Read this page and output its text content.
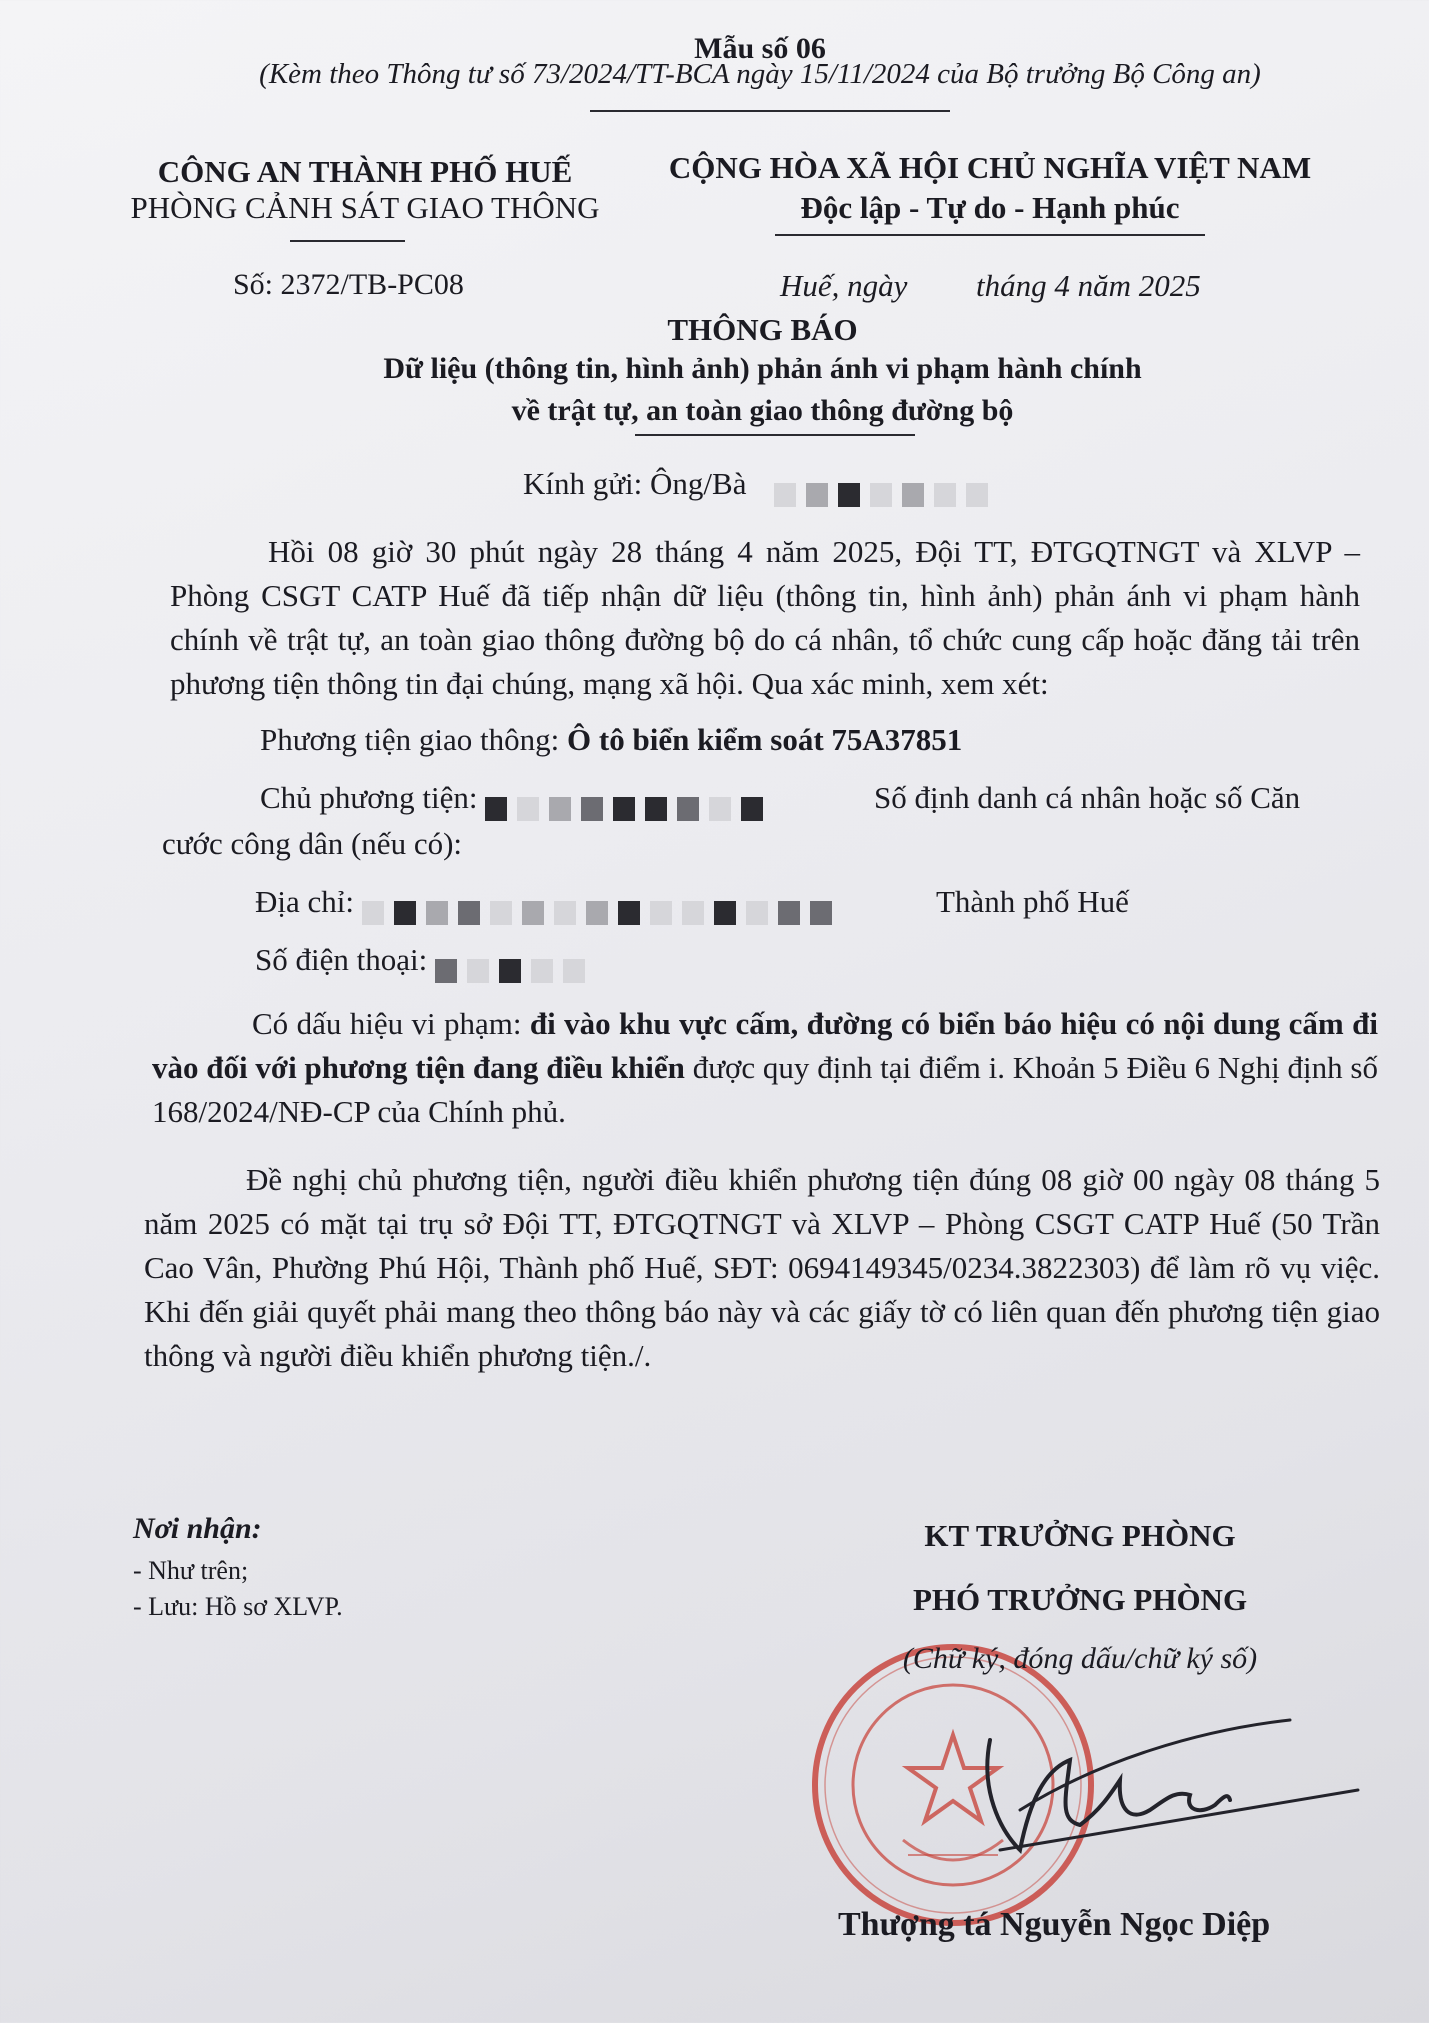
Mẫu số 06
(Kèm theo Thông tư số 73/2024/TT-BCA ngày 15/11/2024 của Bộ trưởng Bộ Công an)
CÔNG AN THÀNH PHỐ HUẾ
PHÒNG CẢNH SÁT GIAO THÔNG
Số: 2372/TB-PC08
CỘNG HÒA XÃ HỘI CHỦ NGHĨA VIỆT NAM
Độc lập - Tự do - Hạnh phúc
Huế, ngày tháng 4 năm 2025
THÔNG BÁO
Dữ liệu (thông tin, hình ảnh) phản ánh vi phạm hành chính
về trật tự, an toàn giao thông đường bộ
Kính gửi: Ông/Bà

Hồi 08 giờ 30 phút ngày 28 tháng 4 năm 2025, Đội TT, ĐTGQTNGT và XLVP – Phòng CSGT CATP Huế đã tiếp nhận dữ liệu (thông tin, hình ảnh) phản ánh vi phạm hành chính về trật tự, an toàn giao thông đường bộ do cá nhân, tổ chức cung cấp hoặc đăng tải trên phương tiện thông tin đại chúng, mạng xã hội. Qua xác minh, xem xét:

Phương tiện giao thông: Ô tô biển kiểm soát 75A37851
Chủ phương tiện:	Số định danh cá nhân hoặc số Căn
cước công dân (nếu có):
Địa chỉ:	Thành phố Huế
Số điện thoại:

Có dấu hiệu vi phạm: đi vào khu vực cấm, đường có biển báo hiệu có nội dung cấm đi vào đối với phương tiện đang điều khiển được quy định tại điểm i. Khoản 5 Điều 6 Nghị định số 168/2024/NĐ-CP của Chính phủ.

Đề nghị chủ phương tiện, người điều khiển phương tiện đúng 08 giờ 00 ngày 08 tháng 5 năm 2025 có mặt tại trụ sở Đội TT, ĐTGQTNGT và XLVP – Phòng CSGT CATP Huế (50 Trần Cao Vân, Phường Phú Hội, Thành phố Huế, SĐT: 0694149345/0234.3822303) để làm rõ vụ việc. Khi đến giải quyết phải mang theo thông báo này và các giấy tờ có liên quan đến phương tiện giao thông và người điều khiển phương tiện./.

Nơi nhận:
- Như trên;
- Lưu: Hồ sơ XLVP.
KT TRƯỞNG PHÒNG
PHÓ TRƯỞNG PHÒNG
(Chữ ký, đóng dấu/chữ ký số)
Thượng tá Nguyễn Ngọc Diệp
